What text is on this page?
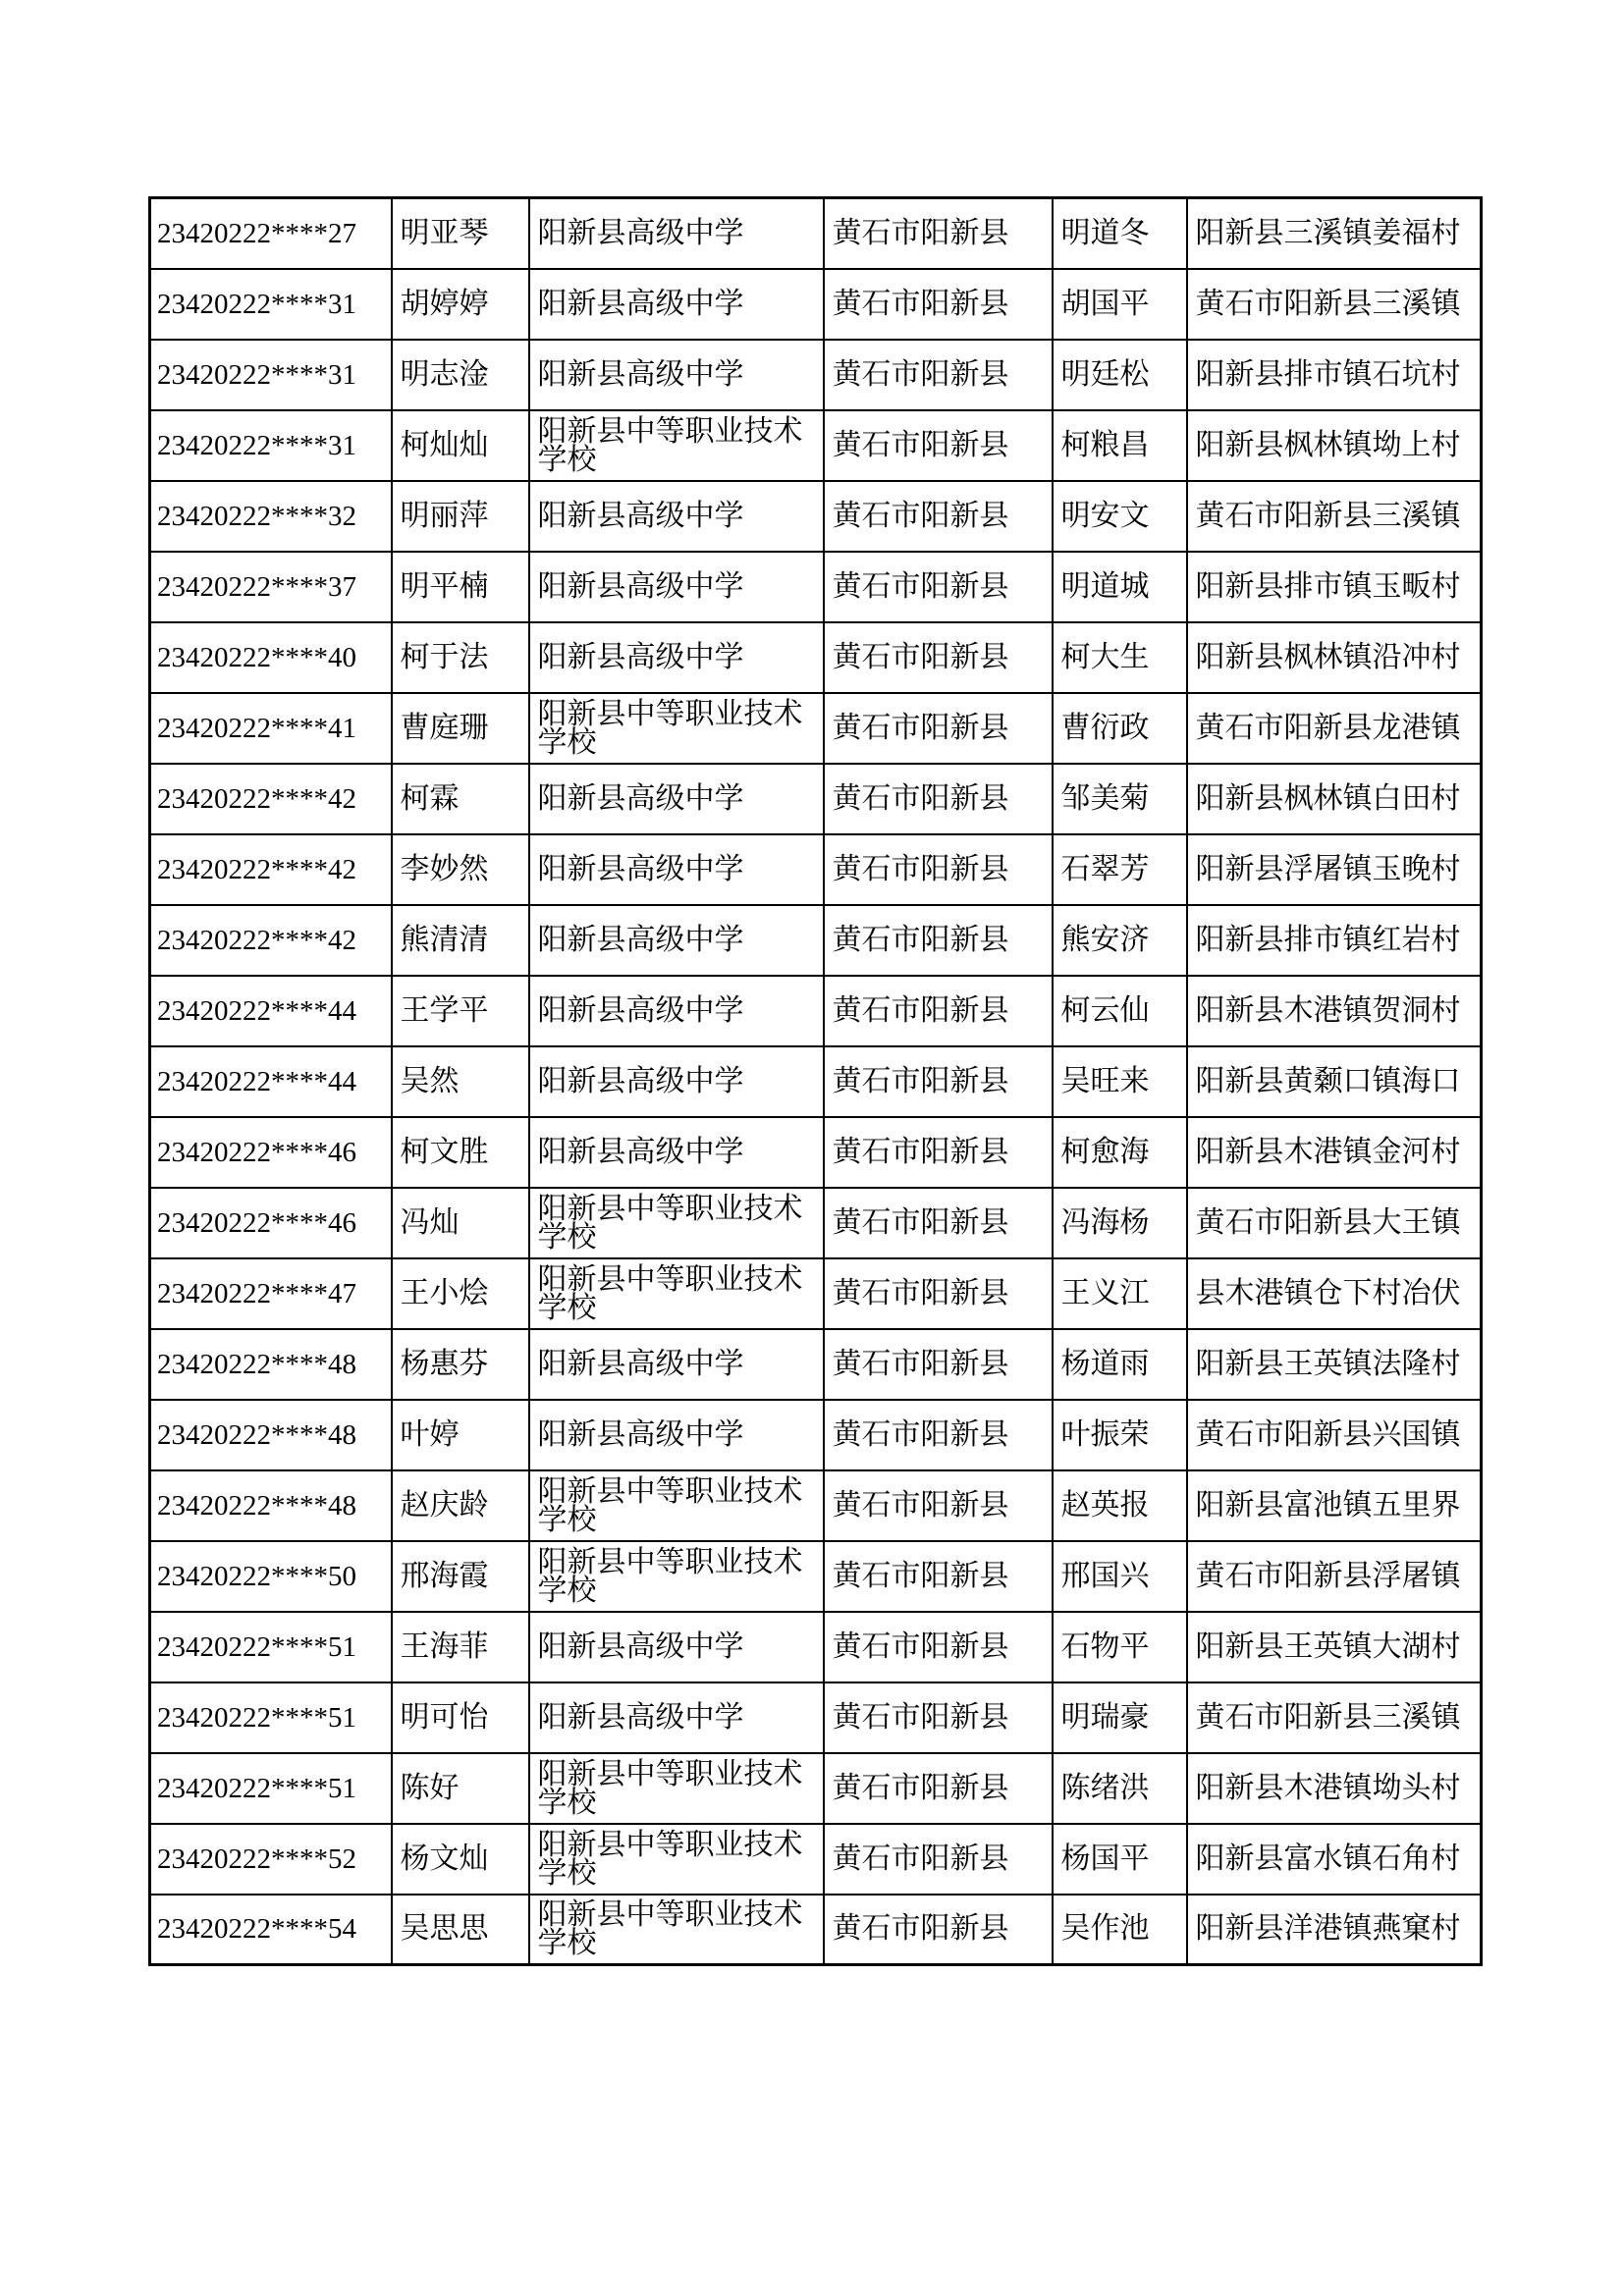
23420222****27	明亚琴	阳新县高级中学	黄石市阳新县	明道冬	阳新县三溪镇姜福村
23420222****31	胡婷婷	阳新县高级中学	黄石市阳新县	胡国平	黄石市阳新县三溪镇
23420222****31	明志淦	阳新县高级中学	黄石市阳新县	明廷松	阳新县排市镇石坑村
23420222****31	柯灿灿	阳新县中等职业技术学校	黄石市阳新县	柯粮昌	阳新县枫林镇坳上村
23420222****32	明丽萍	阳新县高级中学	黄石市阳新县	明安文	黄石市阳新县三溪镇
23420222****37	明平楠	阳新县高级中学	黄石市阳新县	明道城	阳新县排市镇玉畈村
23420222****40	柯于法	阳新县高级中学	黄石市阳新县	柯大生	阳新县枫林镇沿冲村
23420222****41	曹庭珊	阳新县中等职业技术学校	黄石市阳新县	曹衍政	黄石市阳新县龙港镇
23420222****42	柯霖	阳新县高级中学	黄石市阳新县	邹美菊	阳新县枫林镇白田村
23420222****42	李妙然	阳新县高级中学	黄石市阳新县	石翠芳	阳新县浮屠镇玉晚村
23420222****42	熊清清	阳新县高级中学	黄石市阳新县	熊安济	阳新县排市镇红岩村
23420222****44	王学平	阳新县高级中学	黄石市阳新县	柯云仙	阳新县木港镇贺洞村
23420222****44	吴然	阳新县高级中学	黄石市阳新县	吴旺来	阳新县黄颡口镇海口
23420222****46	柯文胜	阳新县高级中学	黄石市阳新县	柯愈海	阳新县木港镇金河村
23420222****46	冯灿	阳新县中等职业技术学校	黄石市阳新县	冯海杨	黄石市阳新县大王镇
23420222****47	王小烩	阳新县中等职业技术学校	黄石市阳新县	王义江	县木港镇仓下村冶伏
23420222****48	杨惠芬	阳新县高级中学	黄石市阳新县	杨道雨	阳新县王英镇法隆村
23420222****48	叶婷	阳新县高级中学	黄石市阳新县	叶振荣	黄石市阳新县兴国镇
23420222****48	赵庆龄	阳新县中等职业技术学校	黄石市阳新县	赵英报	阳新县富池镇五里界
23420222****50	邢海霞	阳新县中等职业技术学校	黄石市阳新县	邢国兴	黄石市阳新县浮屠镇
23420222****51	王海菲	阳新县高级中学	黄石市阳新县	石物平	阳新县王英镇大湖村
23420222****51	明可怡	阳新县高级中学	黄石市阳新县	明瑞豪	黄石市阳新县三溪镇
23420222****51	陈好	阳新县中等职业技术学校	黄石市阳新县	陈绪洪	阳新县木港镇坳头村
23420222****52	杨文灿	阳新县中等职业技术学校	黄石市阳新县	杨国平	阳新县富水镇石角村
23420222****54	吴思思	阳新县中等职业技术学校	黄石市阳新县	吴作池	阳新县洋港镇燕窠村
